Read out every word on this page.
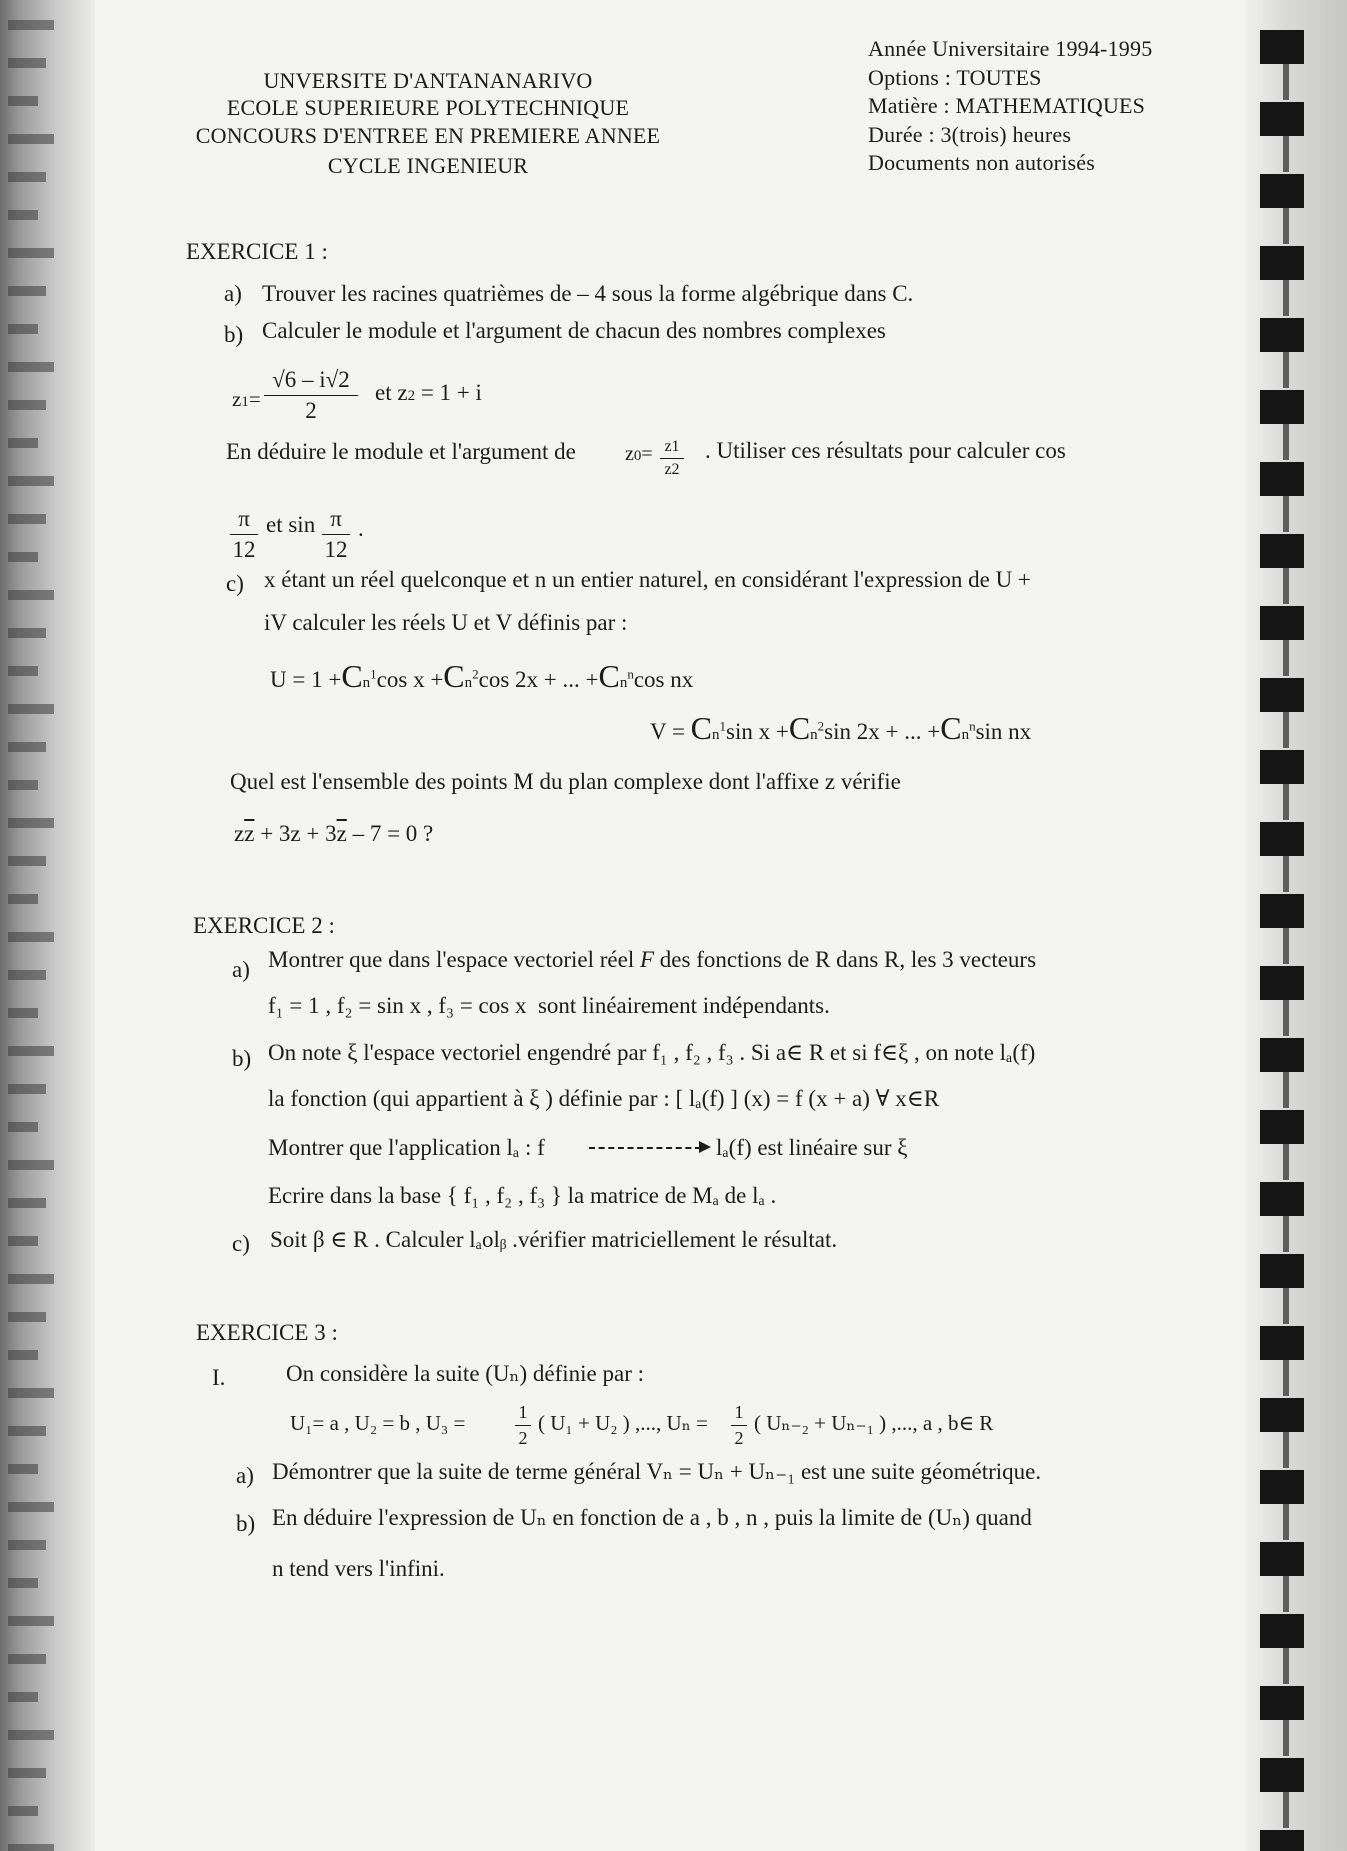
UNVERSITE D'ANTANANARIVO
ECOLE SUPERIEURE POLYTECHNIQUE
CONCOURS D'ENTREE EN PREMIERE ANNEE
CYCLE INGENIEUR
Année Universitaire 1994-1995
Options : TOUTES
Matière : MATHEMATIQUES
Durée : 3(trois) heures
Documents non autorisés
EXERCICE 1 :
a) Trouver les racines quatrièmes de – 4 sous la forme algébrique dans C.
b) Calculer le module et l'argument de chacun des nombres complexes
$z1= \frac{√6 - i√2}{2}$ et z2 = 1 + i
En déduire le module et l'argument de $z0= \frac{z1}{z2}$ . Utiliser ces résultats pour calculer cos
$\frac{\pi}{12}$ et $\sin \frac{\pi}{12}$ .
c) x étant un réel quelconque et n un entier naturel, en considérant l'expression de U +
iV calculer les réels U et V définis par :
$U = 1 +Cn^1\cos$ $x +Cn^2\cos$ 2x + ... $+Cn^n\cos$ nx
$V = Cn^1\sin$ $x +Cn^2\sin$ 2x + ... $+Cn^n\sin$ nx
Quel est l'ensemble des points M du plan complexe dont l'affixe z vérifie
$z\overline{z} + 3z + 3\overline{z} - 7 = 0$ ?
EXERCICE 2 :
a) Montrer que dans l'espace vectoriel réel F des fonctions de R dans R, les 3 vecteurs
f₁ = 1 , f₂ = sin x , f₃ = cos x sont linéairement indépendants.
b) On note ξ l'espace vectoriel engendré par f₁ , f₂ , f₃ . Si a∈ R et si f∈ξ , on note lₐ(f)
la fonction (qui appartient à ξ ) définie par : [ lₐ(f) ] (x) = f (x + a) ∀ x∈R
Montrer que l'application lₐ : f	lₐ(f) est linéaire sur ξ
Ecrire dans la base { f₁ , f₂ , f₃ } la matrice de Mₐ de lₐ .
c) Soit β ∈ R . Calculer lₐolᵦ .vérifier matriciellement le résultat.
EXERCICE 3 :
I.	On considère la suite (Uₙ) définie par :
U₁= a , U₂ = b , U₃ =	$\frac{1}{2}$ ( U₁ + U₂ ) ,..., $U_n = \frac{1}{2}$ ( Uₙ₋₂ + Uₙ₋₁ ) ,..., a , b∈ R
a) Démontrer que la suite de terme général Vₙ = Uₙ + Uₙ₋₁ est une suite géométrique.
b) En déduire l'expression de Uₙ en fonction de a , b , n , puis la limite de (Uₙ) quand
n tend vers l'infini.
